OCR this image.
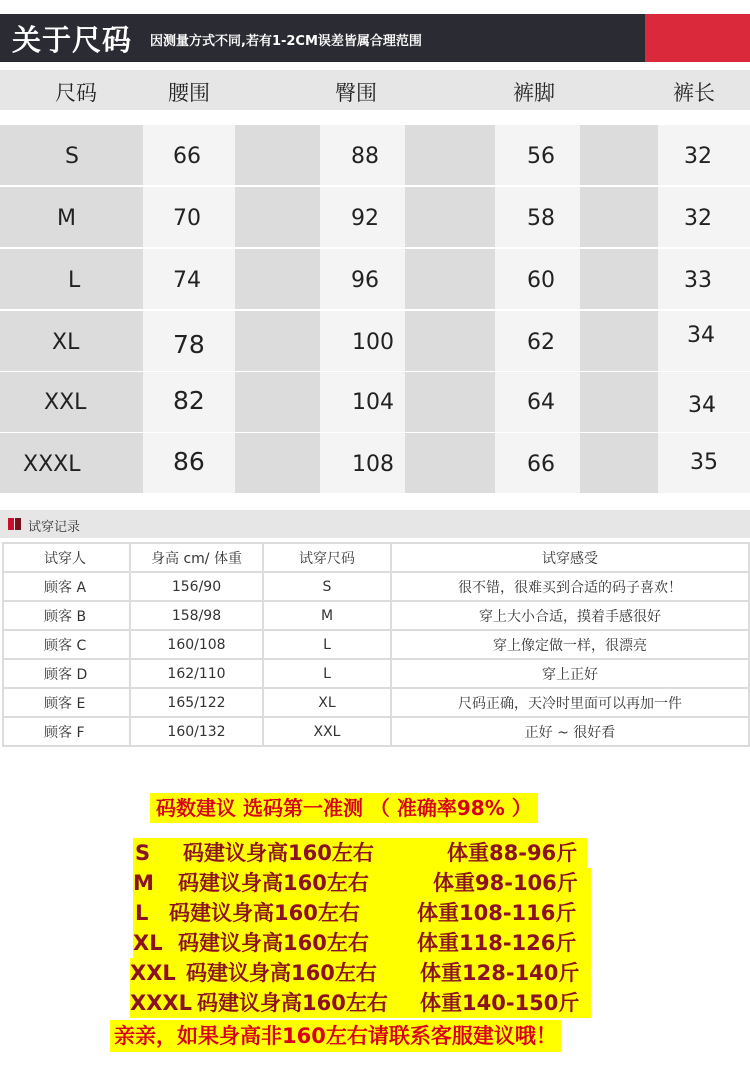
关于尺码 因测量方式不同,若有1-2CM误差皆属合理范围
尺码	腰围	臀围	裤脚	裤长
S	66	88	56	32
M	70	92	58	32
L	74	96	60	33
XL	78	100	62	34
XXL	82	104	64	34
XXXL	86	108	66	35
试穿记录
试穿人	身高 cm/ 体重	试穿尺码	试穿感受
顾客 A	156/90	S	很不错，很难买到合适的码子喜欢！
顾客 B	158/98	M	穿上大小合适，摸着手感很好
顾客 C	160/108	L	穿上像定做一样，很漂亮
顾客 D	162/110	L	穿上正好
顾客 E	165/122	XL	尺码正确，天冷时里面可以再加一件
顾客 F	160/132	XXL	正好 ~ 很好看
码数建议 选码第一准测 （ 准确率98% ）
S 码建议身高160左右	体重88-96斤
M 码建议身高160左右	体重98-106斤
L 码建议身高160左右	体重108-116斤
XL 码建议身高160左右 体重118-126斤
XXL 码建议身高160左右 体重128-140斤
XXXL 码建议身高160左右 体重140-150斤
亲亲，如果身高非160左右请联系客服建议哦！
